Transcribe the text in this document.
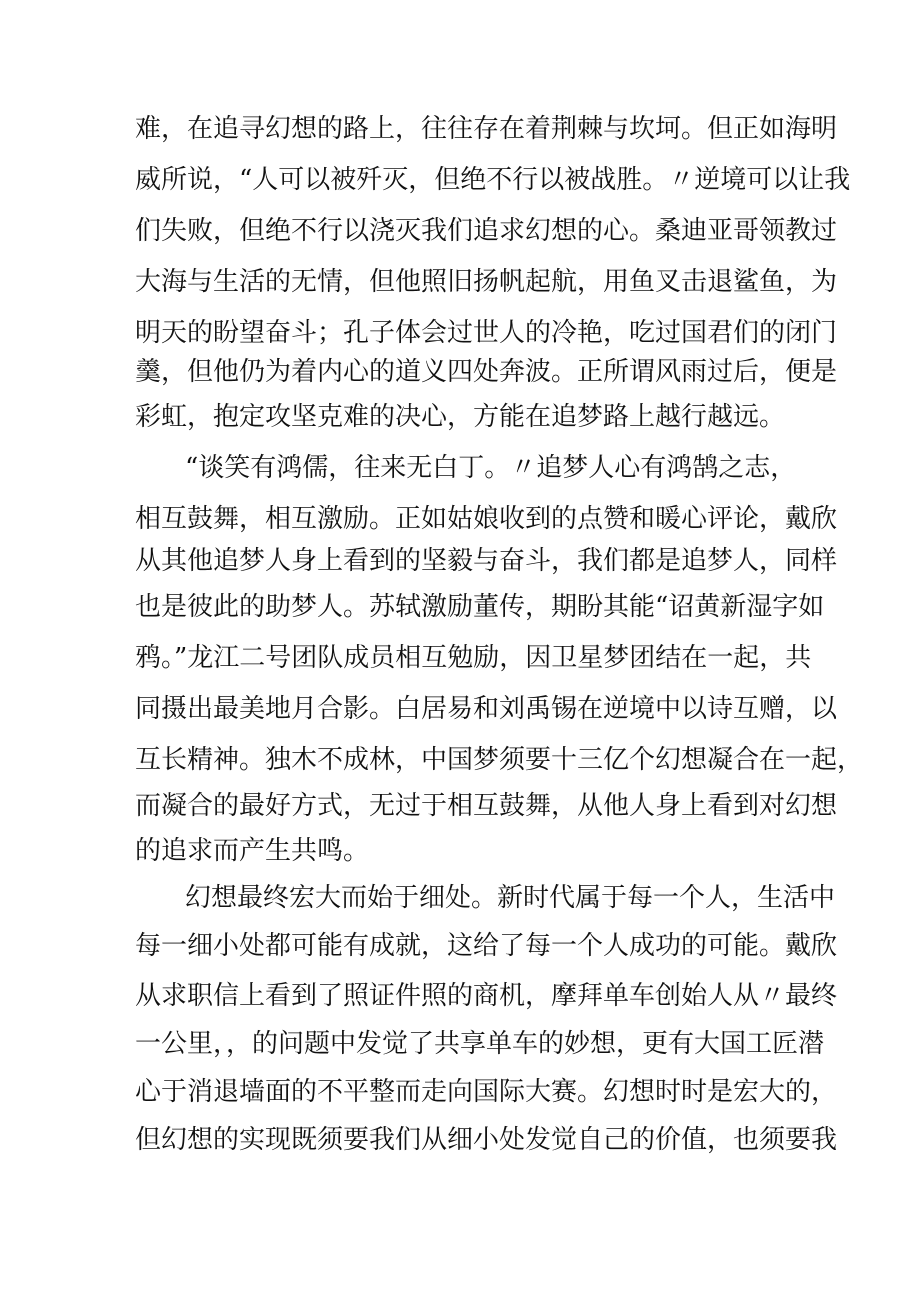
难，在追寻幻想的路上，往往存在着荆棘与坎坷。但正如海明

威所说，“人可以被歼灭，但绝不行以被战胜。〃逆境可以让我

们失败，但绝不行以浇灭我们追求幻想的心。桑迪亚哥领教过

大海与生活的无情，但他照旧扬帆起航，用鱼叉击退鲨鱼，为

明天的盼望奋斗；孔子体会过世人的冷艳，吃过国君们的闭门

羹，但他仍为着内心的道义四处奔波。正所谓风雨过后，便是

彩虹，抱定攻坚克难的决心，方能在追梦路上越行越远。

“谈笑有鸿儒，往来无白丁。〃追梦人心有鸿鹄之志，

相互鼓舞，相互激励。正如姑娘收到的点赞和暖心评论，戴欣

从其他追梦人身上看到的坚毅与奋斗，我们都是追梦人，同样

也是彼此的助梦人。苏轼激励董传，期盼其能“诏黄新湿字如

鸦。”龙江二号团队成员相互勉励，因卫星梦团结在一起，共

同摄出最美地月合影。白居易和刘禹锡在逆境中以诗互赠，以

互长精神。独木不成林，中国梦须要十三亿个幻想凝合在一起，

而凝合的最好方式，无过于相互鼓舞，从他人身上看到对幻想

的追求而产生共鸣。

幻想最终宏大而始于细处。新时代属于每一个人，生活中

每一细小处都可能有成就，这给了每一个人成功的可能。戴欣

从求职信上看到了照证件照的商机，摩拜单车创始人从〃最终

一公里，，的问题中发觉了共享单车的妙想，更有大国工匠潜

心于消退墙面的不平整而走向国际大赛。幻想时时是宏大的，

但幻想的实现既须要我们从细小处发觉自己的价值，也须要我
